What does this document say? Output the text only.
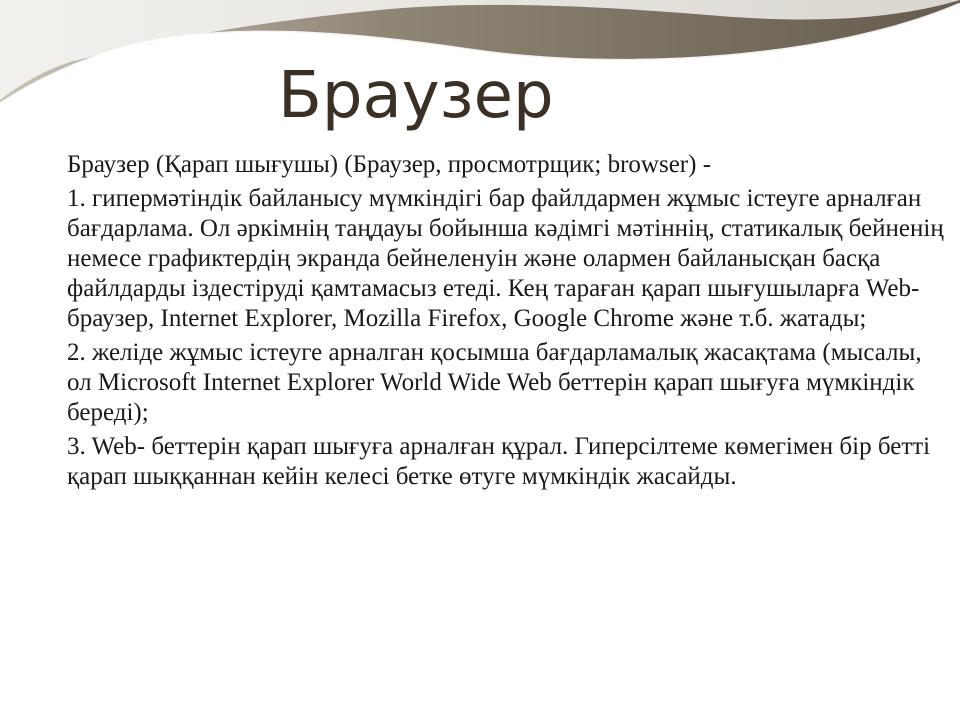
Браузер

Браузер (Қарап шығушы) (Браузер, просмотрщик; browser) -

1. гипермәтіндік байланысу мүмкіндігі бар файлдармен жұмыс істеуге арналған бағдарлама. Ол әркімнің таңдауы бойынша кәдімгі мәтіннің, статикалық бейненің немесе графиктердің экранда бейнеленуін және олармен байланысқан басқа файлдарды іздестіруді қамтамасыз етеді. Кең тараған қарап шығушыларға Web-браузер, Internet Explorer, Mozilla Firefox, Google Chrome және т.б. жатады;

2. желіде жұмыс істеуге арналган қосымша бағдарламалық жасақтама (мысалы, ол Microsoft Internet Explorer World Wide Web беттерін қарап шығуға мүмкіндік береді);

3. Web- беттерін қарап шығуға арналған құрал. Гиперсілтеме көмегімен бір бетті қарап шыққаннан кейін келесі бетке өтуге мүмкіндік жасайды.
